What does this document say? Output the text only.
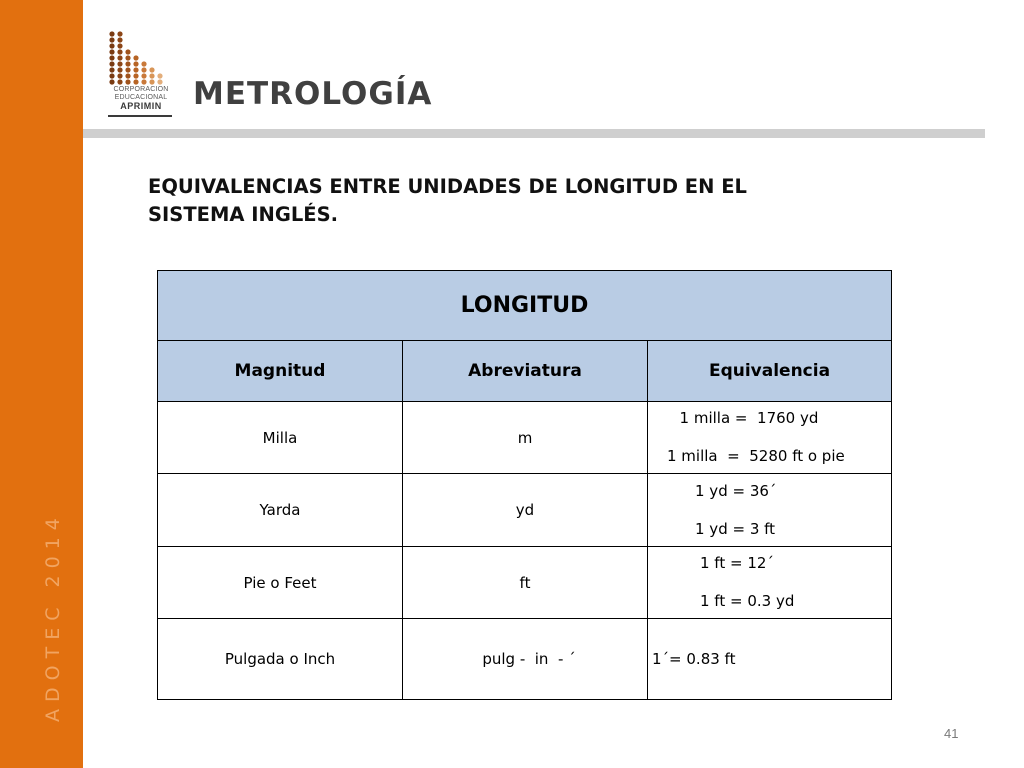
ADOTEC 2014
CORPORACION
EDUCACIONAL
APRIMIN	METROLOGÍA
EQUIVALENCIAS ENTRE UNIDADES DE LONGITUD EN EL
SISTEMA INGLÉS.
LONGITUD		
Magnitud	Abreviatura	Equivalencia
Milla	m	1 milla =  1760 yd
1 milla  =  5280 ft o pie

Yarda	yd	1 yd = 36´
1 yd = 3 ft

Pie o Feet	ft	1 ft = 12´
1 ft = 0.3 yd

Pulgada o Inch	pulg -  in  - ´	1´= 0.83 ft
41
